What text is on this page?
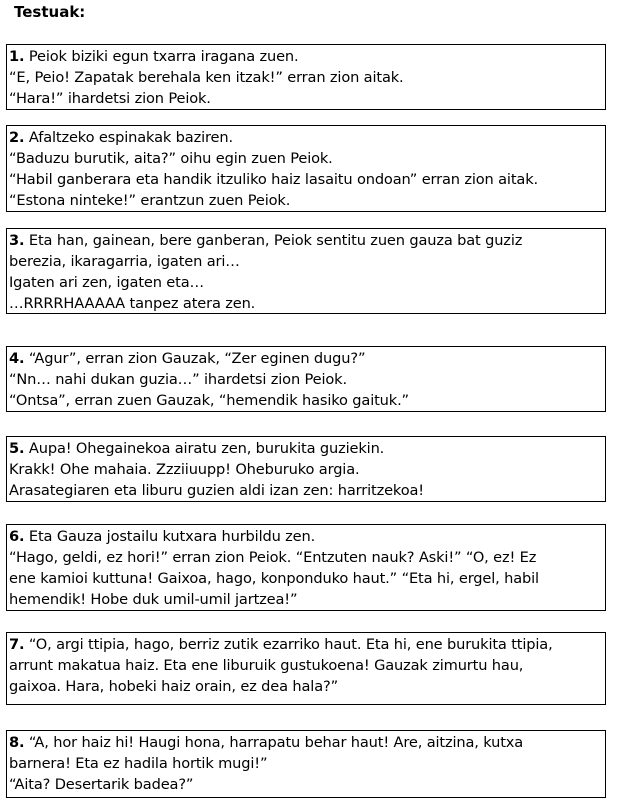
Testuak:
1. Peiok biziki egun txarra iragana zuen.
“E, Peio! Zapatak berehala ken itzak!” erran zion aitak.
“Hara!” ihardetsi zion Peiok.
2. Afaltzeko espinakak baziren.
“Baduzu burutik, aita?” oihu egin zuen Peiok.
“Habil ganberara eta handik itzuliko haiz lasaitu ondoan” erran zion aitak.
“Estona ninteke!” erantzun zuen Peiok.
3. Eta han, gainean, bere ganberan, Peiok sentitu zuen gauza bat guziz
berezia, ikaragarria, igaten ari…
Igaten ari zen, igaten eta…
…RRRRHAAAAA tanpez atera zen.
4. “Agur”, erran zion Gauzak, “Zer eginen dugu?”
“Nn… nahi dukan guzia…” ihardetsi zion Peiok.
“Ontsa”, erran zuen Gauzak, “hemendik hasiko gaituk.”
5. Aupa! Ohegainekoa airatu zen, burukita guziekin.
Krakk! Ohe mahaia. Zzziiuupp! Oheburuko argia.
Arasategiaren eta liburu guzien aldi izan zen: harritzekoa!
6. Eta Gauza jostailu kutxara hurbildu zen.
“Hago, geldi, ez hori!” erran zion Peiok. “Entzuten nauk? Aski!” “O, ez! Ez
ene kamioi kuttuna! Gaixoa, hago, konponduko haut.” “Eta hi, ergel, habil
hemendik! Hobe duk umil-umil jartzea!”
7. “O, argi ttipia, hago, berriz zutik ezarriko haut. Eta hi, ene burukita ttipia,
arrunt makatua haiz. Eta ene liburuik gustukoena! Gauzak zimurtu hau,
gaixoa. Hara, hobeki haiz orain, ez dea hala?”
8. “A, hor haiz hi! Haugi hona, harrapatu behar haut! Are, aitzina, kutxa
barnera! Eta ez hadila hortik mugi!”
“Aita? Desertarik badea?”
